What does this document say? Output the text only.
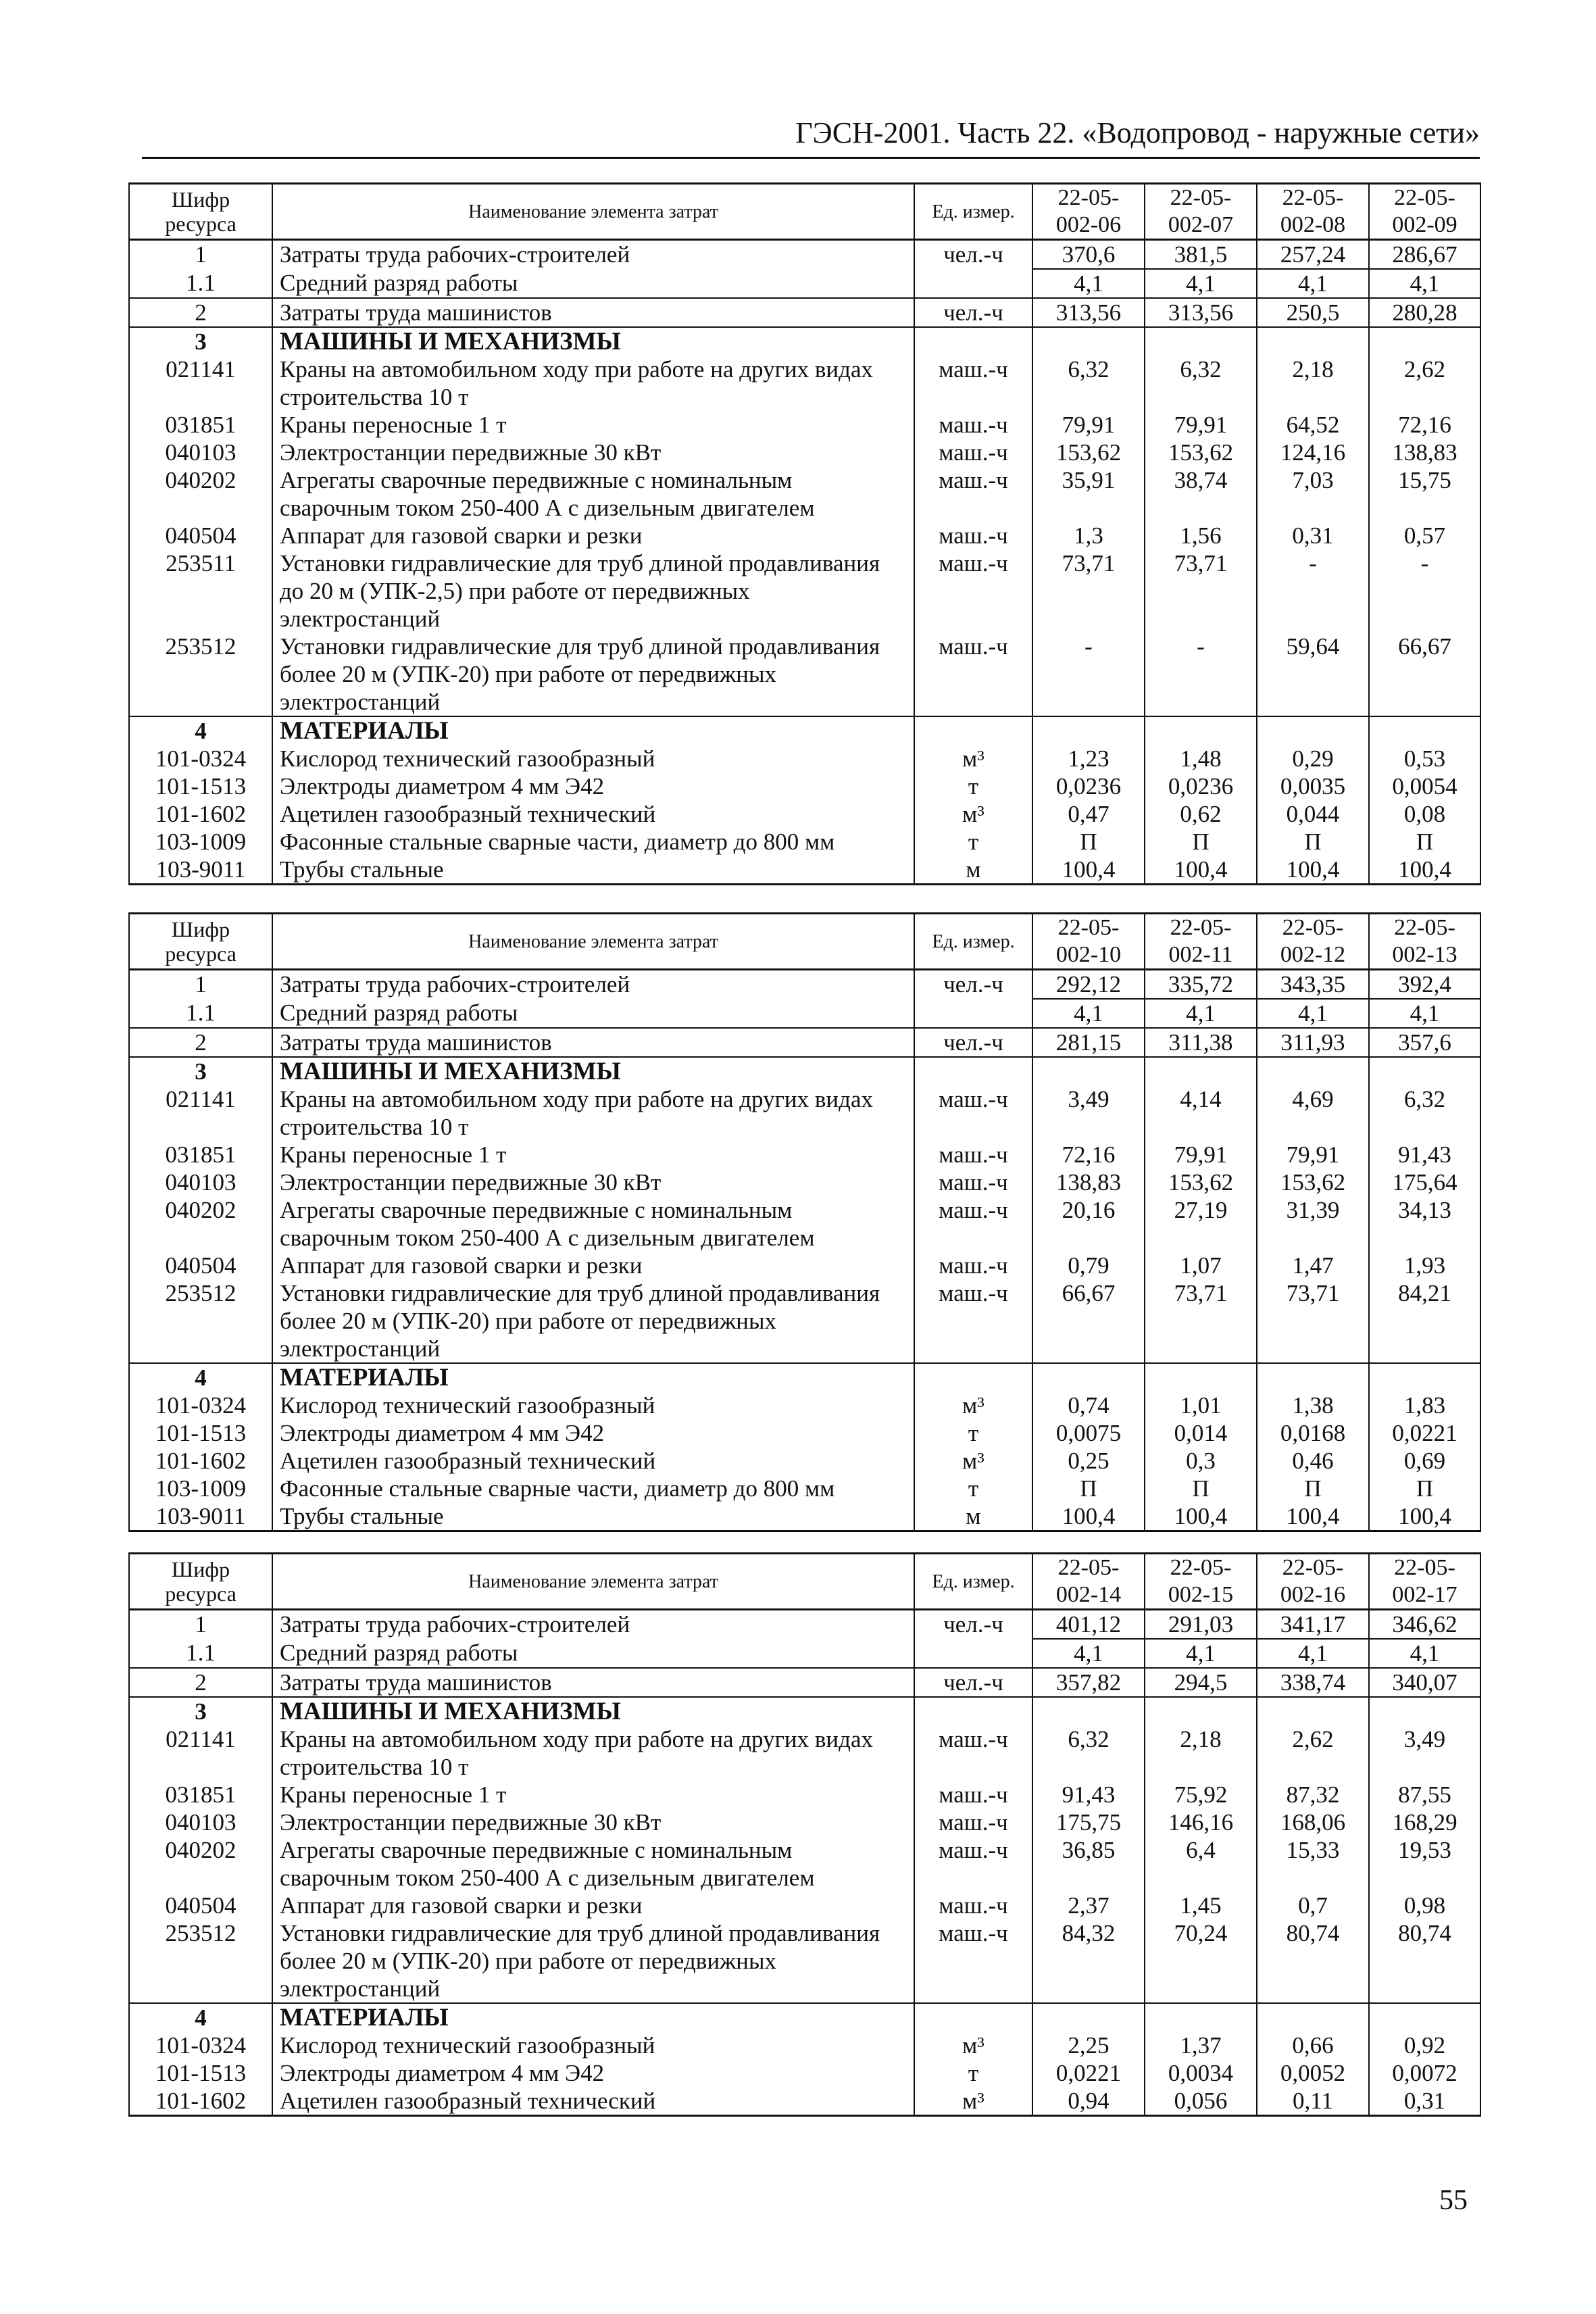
ГЭСН-2001. Часть 22. «Водопровод - наружные сети»
Шифр ресурса	Наименование элемента затрат	Ед. измер.	22-05-002-06	22-05-002-07	22-05-002-08	22-05-002-09
1	Затраты труда рабочих-строителей	чел.-ч	370,6	381,5	257,24	286,67
1.1	Средний разряд работы		4,1	4,1	4,1	4,1
2	Затраты труда машинистов	чел.-ч	313,56	313,56	250,5	280,28
3	МАШИНЫ И МЕХАНИЗМЫ					
021141	Краны на автомобильном ходу при работе на других видах строительства 10 т	маш.-ч	6,32	6,32	2,18	2,62
031851	Краны переносные 1 т	маш.-ч	79,91	79,91	64,52	72,16
040103	Электростанции передвижные 30 кВт	маш.-ч	153,62	153,62	124,16	138,83
040202	Агрегаты сварочные передвижные с номинальным сварочным током 250-400 А с дизельным двигателем	маш.-ч	35,91	38,74	7,03	15,75
040504	Аппарат для газовой сварки и резки	маш.-ч	1,3	1,56	0,31	0,57
253511	Установки гидравлические для труб длиной продавливания до 20 м (УПК-2,5) при работе от передвижных электростанций	маш.-ч	73,71	73,71	-	-
253512	Установки гидравлические для труб длиной продавливания более 20 м (УПК-20) при работе от передвижных электростанций	маш.-ч	-	-	59,64	66,67
4	МАТЕРИАЛЫ					
101-0324	Кислород технический газообразный	м³	1,23	1,48	0,29	0,53
101-1513	Электроды диаметром 4 мм Э42	т	0,0236	0,0236	0,0035	0,0054
101-1602	Ацетилен газообразный технический	м³	0,47	0,62	0,044	0,08
103-1009	Фасонные стальные сварные части, диаметр до 800 мм	т	П	П	П	П
103-9011	Трубы стальные	м	100,4	100,4	100,4	100,4
Шифр ресурса	Наименование элемента затрат	Ед. измер.	22-05-002-10	22-05-002-11	22-05-002-12	22-05-002-13
1	Затраты труда рабочих-строителей	чел.-ч	292,12	335,72	343,35	392,4
1.1	Средний разряд работы		4,1	4,1	4,1	4,1
2	Затраты труда машинистов	чел.-ч	281,15	311,38	311,93	357,6
3	МАШИНЫ И МЕХАНИЗМЫ					
021141	Краны на автомобильном ходу при работе на других видах строительства 10 т	маш.-ч	3,49	4,14	4,69	6,32
031851	Краны переносные 1 т	маш.-ч	72,16	79,91	79,91	91,43
040103	Электростанции передвижные 30 кВт	маш.-ч	138,83	153,62	153,62	175,64
040202	Агрегаты сварочные передвижные с номинальным сварочным током 250-400 А с дизельным двигателем	маш.-ч	20,16	27,19	31,39	34,13
040504	Аппарат для газовой сварки и резки	маш.-ч	0,79	1,07	1,47	1,93
253512	Установки гидравлические для труб длиной продавливания более 20 м (УПК-20) при работе от передвижных электростанций	маш.-ч	66,67	73,71	73,71	84,21
4	МАТЕРИАЛЫ					
101-0324	Кислород технический газообразный	м³	0,74	1,01	1,38	1,83
101-1513	Электроды диаметром 4 мм Э42	т	0,0075	0,014	0,0168	0,0221
101-1602	Ацетилен газообразный технический	м³	0,25	0,3	0,46	0,69
103-1009	Фасонные стальные сварные части, диаметр до 800 мм	т	П	П	П	П
103-9011	Трубы стальные	м	100,4	100,4	100,4	100,4
Шифр ресурса	Наименование элемента затрат	Ед. измер.	22-05-002-14	22-05-002-15	22-05-002-16	22-05-002-17
1	Затраты труда рабочих-строителей	чел.-ч	401,12	291,03	341,17	346,62
1.1	Средний разряд работы		4,1	4,1	4,1	4,1
2	Затраты труда машинистов	чел.-ч	357,82	294,5	338,74	340,07
3	МАШИНЫ И МЕХАНИЗМЫ					
021141	Краны на автомобильном ходу при работе на других видах строительства 10 т	маш.-ч	6,32	2,18	2,62	3,49
031851	Краны переносные 1 т	маш.-ч	91,43	75,92	87,32	87,55
040103	Электростанции передвижные 30 кВт	маш.-ч	175,75	146,16	168,06	168,29
040202	Агрегаты сварочные передвижные с номинальным сварочным током 250-400 А с дизельным двигателем	маш.-ч	36,85	6,4	15,33	19,53
040504	Аппарат для газовой сварки и резки	маш.-ч	2,37	1,45	0,7	0,98
253512	Установки гидравлические для труб длиной продавливания более 20 м (УПК-20) при работе от передвижных электростанций	маш.-ч	84,32	70,24	80,74	80,74
4	МАТЕРИАЛЫ					
101-0324	Кислород технический газообразный	м³	2,25	1,37	0,66	0,92
101-1513	Электроды диаметром 4 мм Э42	т	0,0221	0,0034	0,0052	0,0072
101-1602	Ацетилен газообразный технический	м³	0,94	0,056	0,11	0,31
55
